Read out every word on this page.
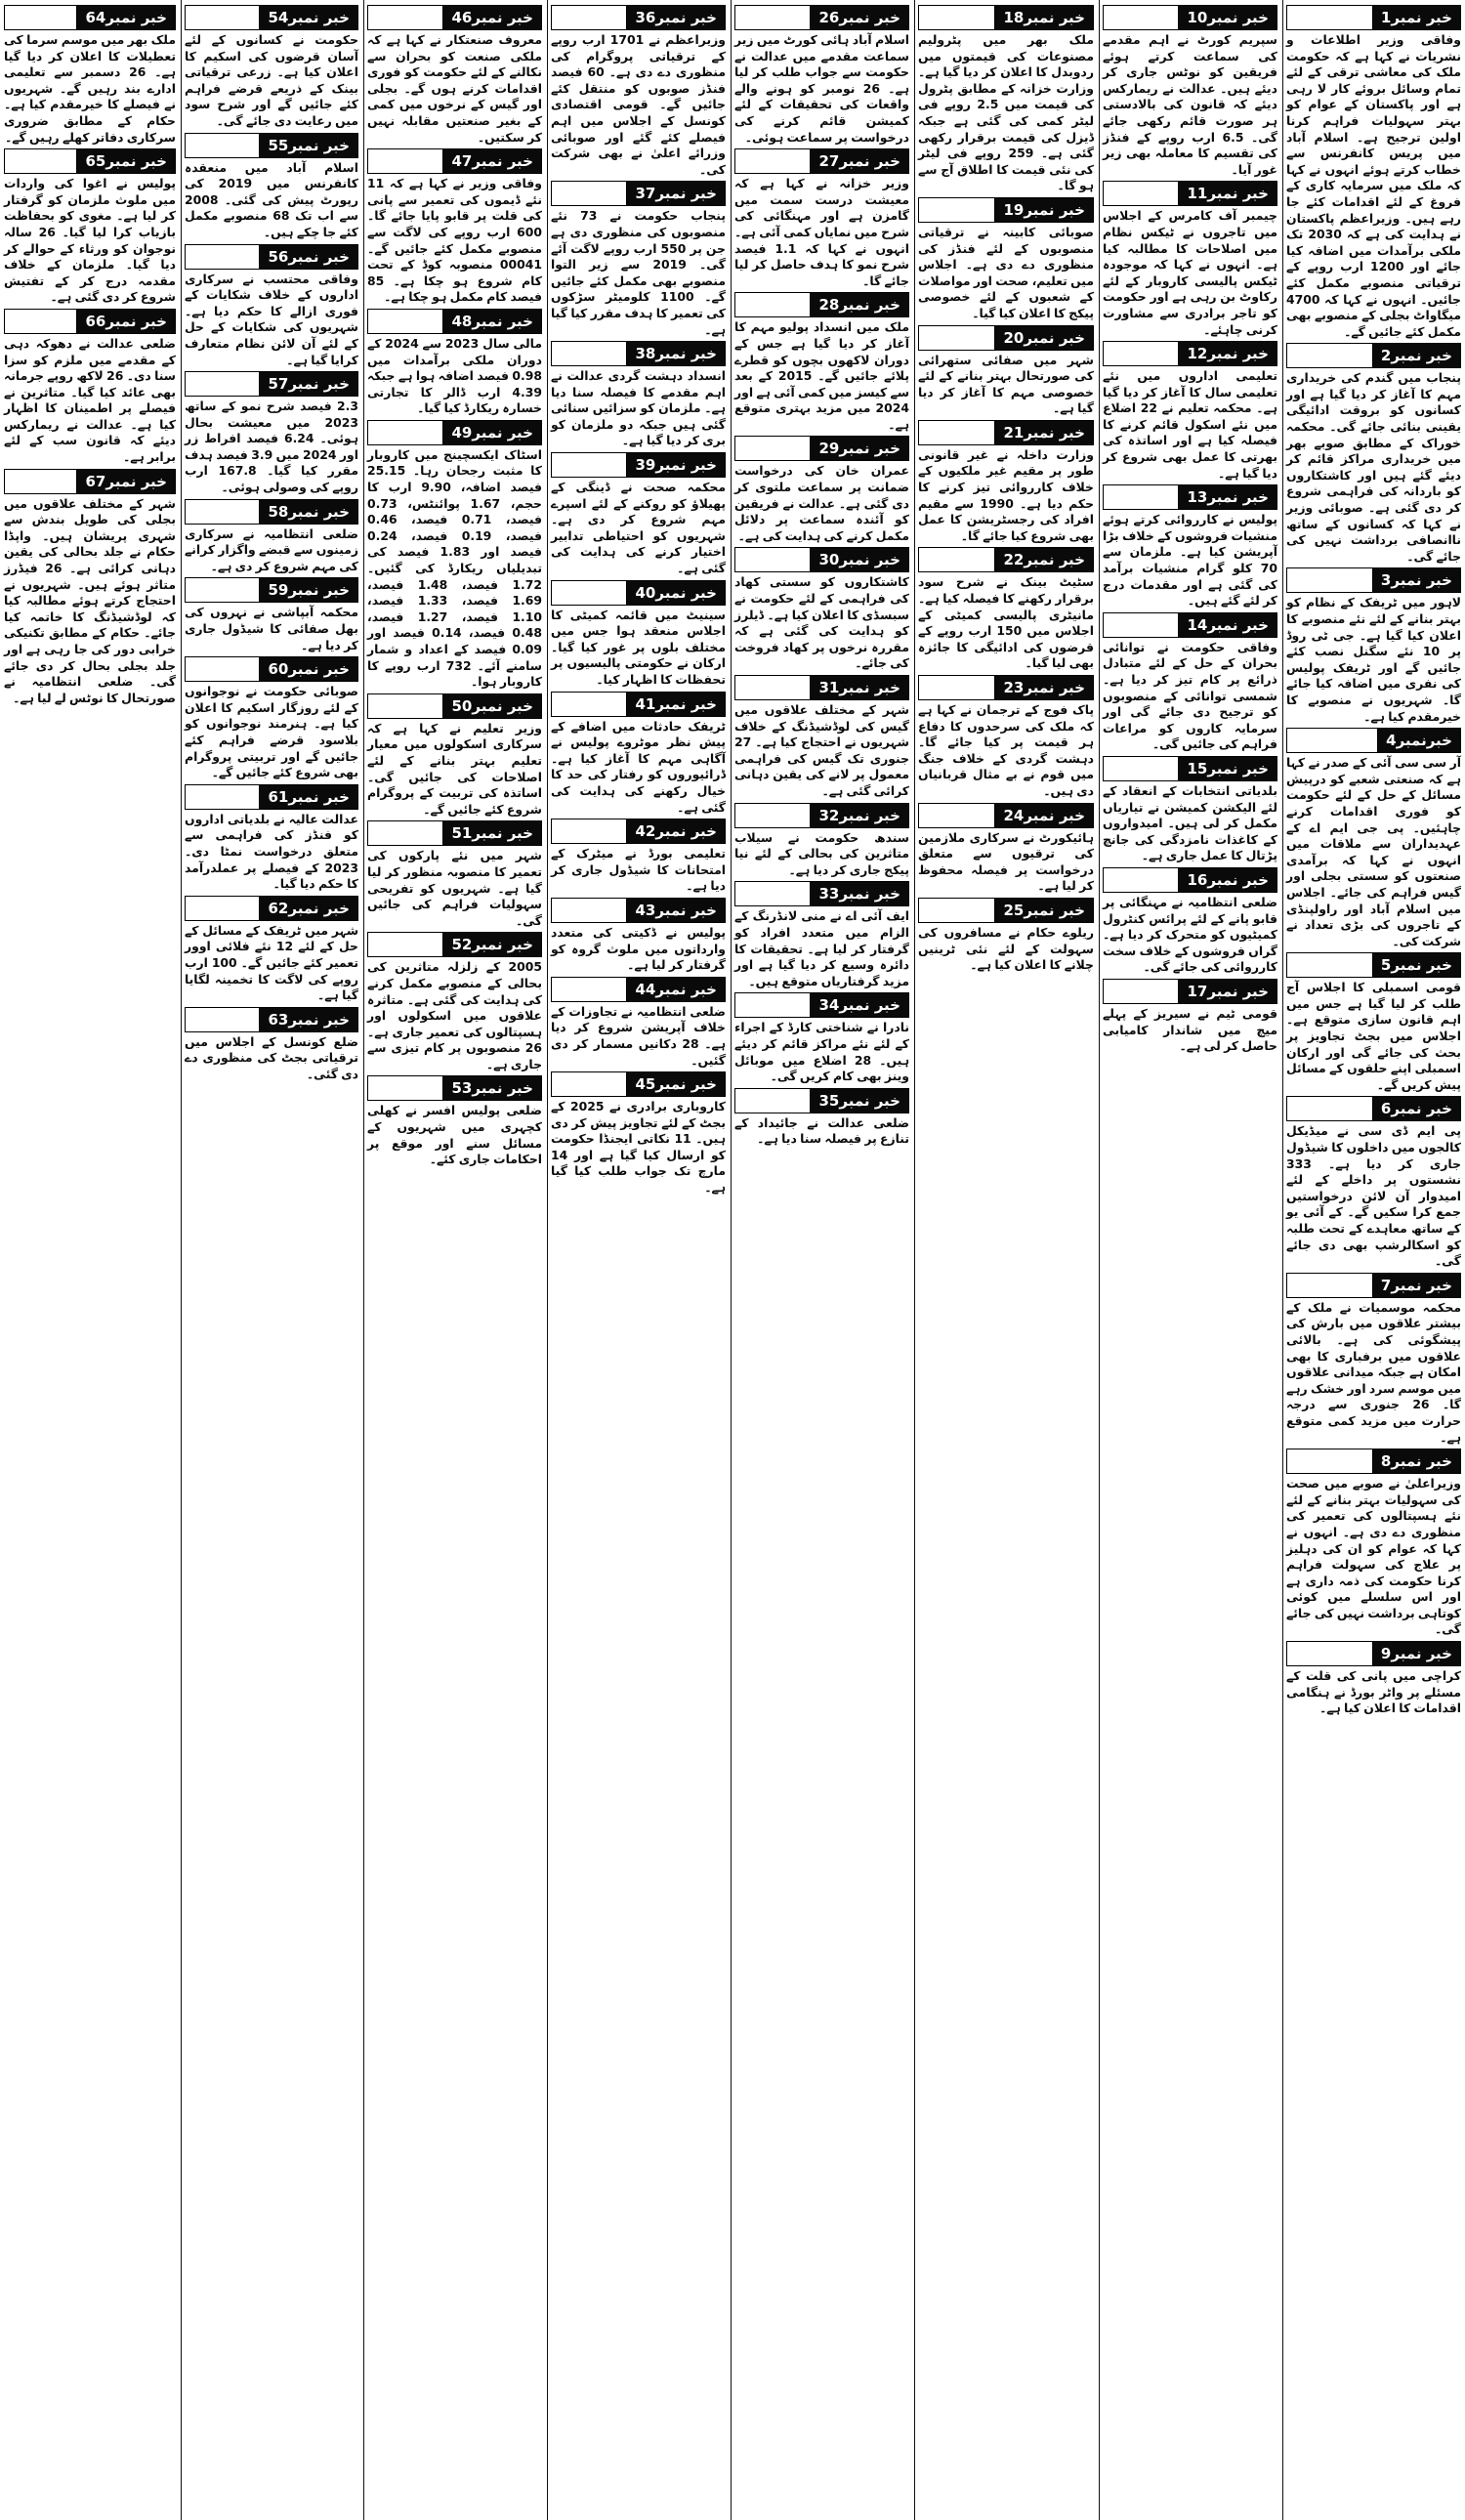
خبر نمبر1
وفاقی وزیر اطلاعات و نشریات نے کہا ہے کہ حکومت ملک کی معاشی ترقی کے لئے تمام وسائل بروئے کار لا رہی ہے اور پاکستان کے عوام کو بہتر سہولیات فراہم کرنا اولین ترجیح ہے۔ اسلام آباد میں پریس کانفرنس سے خطاب کرتے ہوئے انہوں نے کہا کہ ملک میں سرمایہ کاری کے فروغ کے لئے اقدامات کئے جا رہے ہیں۔ وزیراعظم پاکستان نے ہدایت کی ہے کہ 2030 تک ملکی برآمدات میں اضافہ کیا جائے اور 1200 ارب روپے کے ترقیاتی منصوبے مکمل کئے جائیں۔ انہوں نے کہا کہ 4700 میگاواٹ بجلی کے منصوبے بھی مکمل کئے جائیں گے۔
خبر نمبر2
پنجاب میں گندم کی خریداری مہم کا آغاز کر دیا گیا ہے اور کسانوں کو بروقت ادائیگی یقینی بنائی جائے گی۔ محکمہ خوراک کے مطابق صوبے بھر میں خریداری مراکز قائم کر دیئے گئے ہیں اور کاشتکاروں کو باردانہ کی فراہمی شروع کر دی گئی ہے۔ صوبائی وزیر نے کہا کہ کسانوں کے ساتھ ناانصافی برداشت نہیں کی جائے گی۔
خبر نمبر3
لاہور میں ٹریفک کے نظام کو بہتر بنانے کے لئے نئے منصوبے کا اعلان کیا گیا ہے۔ جی ٹی روڈ پر 10 نئے سگنل نصب کئے جائیں گے اور ٹریفک پولیس کی نفری میں اضافہ کیا جائے گا۔ شہریوں نے منصوبے کا خیرمقدم کیا ہے۔
خبرنمبر4
آر سی سی آئی کے صدر نے کہا ہے کہ صنعتی شعبے کو درپیش مسائل کے حل کے لئے حکومت کو فوری اقدامات کرنے چاہئیں۔ پی جی ایم اے کے عہدیداران سے ملاقات میں انہوں نے کہا کہ برآمدی صنعتوں کو سستی بجلی اور گیس فراہم کی جائے۔ اجلاس میں اسلام آباد اور راولپنڈی کے تاجروں کی بڑی تعداد نے شرکت کی۔
خبر نمبر5
قومی اسمبلی کا اجلاس آج طلب کر لیا گیا ہے جس میں اہم قانون سازی متوقع ہے۔ اجلاس میں بجٹ تجاویز پر بحث کی جائے گی اور ارکان اسمبلی اپنے حلقوں کے مسائل پیش کریں گے۔
خبر نمبر6
پی ایم ڈی سی نے میڈیکل کالجوں میں داخلوں کا شیڈول جاری کر دیا ہے۔ 333 نشستوں پر داخلے کے لئے امیدوار آن لائن درخواستیں جمع کرا سکیں گے۔ کے آئی یو کے ساتھ معاہدے کے تحت طلبہ کو اسکالرشپ بھی دی جائے گی۔
خبر نمبر7
محکمہ موسمیات نے ملک کے بیشتر علاقوں میں بارش کی پیشگوئی کی ہے۔ بالائی علاقوں میں برفباری کا بھی امکان ہے جبکہ میدانی علاقوں میں موسم سرد اور خشک رہے گا۔ 26 جنوری سے درجہ حرارت میں مزید کمی متوقع ہے۔
خبر نمبر8
وزیراعلیٰ نے صوبے میں صحت کی سہولیات بہتر بنانے کے لئے نئے ہسپتالوں کی تعمیر کی منظوری دے دی ہے۔ انہوں نے کہا کہ عوام کو ان کی دہلیز پر علاج کی سہولت فراہم کرنا حکومت کی ذمہ داری ہے اور اس سلسلے میں کوئی کوتاہی برداشت نہیں کی جائے گی۔
خبر نمبر9
کراچی میں پانی کی قلت کے مسئلے پر واٹر بورڈ نے ہنگامی اقدامات کا اعلان کیا ہے۔
خبر نمبر10
سپریم کورٹ نے اہم مقدمے کی سماعت کرتے ہوئے فریقین کو نوٹس جاری کر دیئے ہیں۔ عدالت نے ریمارکس دیئے کہ قانون کی بالادستی ہر صورت قائم رکھی جائے گی۔ 6.5 ارب روپے کے فنڈز کی تقسیم کا معاملہ بھی زیر غور آیا۔
خبر نمبر11
چیمبر آف کامرس کے اجلاس میں تاجروں نے ٹیکس نظام میں اصلاحات کا مطالبہ کیا ہے۔ انہوں نے کہا کہ موجودہ ٹیکس پالیسی کاروبار کے لئے رکاوٹ بن رہی ہے اور حکومت کو تاجر برادری سے مشاورت کرنی چاہئے۔
خبر نمبر12
تعلیمی اداروں میں نئے تعلیمی سال کا آغاز کر دیا گیا ہے۔ محکمہ تعلیم نے 22 اضلاع میں نئے اسکول قائم کرنے کا فیصلہ کیا ہے اور اساتذہ کی بھرتی کا عمل بھی شروع کر دیا گیا ہے۔
خبر نمبر13
پولیس نے کارروائی کرتے ہوئے منشیات فروشوں کے خلاف بڑا آپریشن کیا ہے۔ ملزمان سے 70 کلو گرام منشیات برآمد کی گئی ہے اور مقدمات درج کر لئے گئے ہیں۔
خبر نمبر14
وفاقی حکومت نے توانائی بحران کے حل کے لئے متبادل ذرائع پر کام تیز کر دیا ہے۔ شمسی توانائی کے منصوبوں کو ترجیح دی جائے گی اور سرمایہ کاروں کو مراعات فراہم کی جائیں گی۔
خبر نمبر15
بلدیاتی انتخابات کے انعقاد کے لئے الیکشن کمیشن نے تیاریاں مکمل کر لی ہیں۔ امیدواروں کے کاغذات نامزدگی کی جانچ پڑتال کا عمل جاری ہے۔
خبر نمبر16
ضلعی انتظامیہ نے مہنگائی پر قابو پانے کے لئے پرائس کنٹرول کمیٹیوں کو متحرک کر دیا ہے۔ گراں فروشوں کے خلاف سخت کارروائی کی جائے گی۔
خبر نمبر17
قومی ٹیم نے سیریز کے پہلے میچ میں شاندار کامیابی حاصل کر لی ہے۔
خبر نمبر18
ملک بھر میں پٹرولیم مصنوعات کی قیمتوں میں ردوبدل کا اعلان کر دیا گیا ہے۔ وزارت خزانہ کے مطابق پٹرول کی قیمت میں 2.5 روپے فی لیٹر کمی کی گئی ہے جبکہ ڈیزل کی قیمت برقرار رکھی گئی ہے۔ 259 روپے فی لیٹر کی نئی قیمت کا اطلاق آج سے ہو گا۔
خبر نمبر19
صوبائی کابینہ نے ترقیاتی منصوبوں کے لئے فنڈز کی منظوری دے دی ہے۔ اجلاس میں تعلیم، صحت اور مواصلات کے شعبوں کے لئے خصوصی پیکج کا اعلان کیا گیا۔
خبر نمبر20
شہر میں صفائی ستھرائی کی صورتحال بہتر بنانے کے لئے خصوصی مہم کا آغاز کر دیا گیا ہے۔
خبر نمبر21
وزارت داخلہ نے غیر قانونی طور پر مقیم غیر ملکیوں کے خلاف کارروائی تیز کرنے کا حکم دیا ہے۔ 1990 سے مقیم افراد کی رجسٹریشن کا عمل بھی شروع کیا جائے گا۔
خبر نمبر22
سٹیٹ بینک نے شرح سود برقرار رکھنے کا فیصلہ کیا ہے۔ مانیٹری پالیسی کمیٹی کے اجلاس میں 150 ارب روپے کے قرضوں کی ادائیگی کا جائزہ بھی لیا گیا۔
خبر نمبر23
پاک فوج کے ترجمان نے کہا ہے کہ ملک کی سرحدوں کا دفاع ہر قیمت پر کیا جائے گا۔ دہشت گردی کے خلاف جنگ میں قوم نے بے مثال قربانیاں دی ہیں۔
خبر نمبر24
ہائیکورٹ نے سرکاری ملازمین کی ترقیوں سے متعلق درخواست پر فیصلہ محفوظ کر لیا ہے۔
خبر نمبر25
ریلوے حکام نے مسافروں کی سہولت کے لئے نئی ٹرینیں چلانے کا اعلان کیا ہے۔
خبر نمبر26
اسلام آباد ہائی کورٹ میں زیر سماعت مقدمے میں عدالت نے حکومت سے جواب طلب کر لیا ہے۔ 26 نومبر کو ہونے والے واقعات کی تحقیقات کے لئے کمیشن قائم کرنے کی درخواست پر سماعت ہوئی۔
خبر نمبر27
وزیر خزانہ نے کہا ہے کہ معیشت درست سمت میں گامزن ہے اور مہنگائی کی شرح میں نمایاں کمی آئی ہے۔ انہوں نے کہا کہ 1.1 فیصد شرح نمو کا ہدف حاصل کر لیا جائے گا۔
خبر نمبر28
ملک میں انسداد پولیو مہم کا آغاز کر دیا گیا ہے جس کے دوران لاکھوں بچوں کو قطرے پلائے جائیں گے۔ 2015 کے بعد سے کیسز میں کمی آئی ہے اور 2024 میں مزید بہتری متوقع ہے۔
خبر نمبر29
عمران خان کی درخواست ضمانت پر سماعت ملتوی کر دی گئی ہے۔ عدالت نے فریقین کو آئندہ سماعت پر دلائل مکمل کرنے کی ہدایت کی ہے۔
خبر نمبر30
کاشتکاروں کو سستی کھاد کی فراہمی کے لئے حکومت نے سبسڈی کا اعلان کیا ہے۔ ڈیلرز کو ہدایت کی گئی ہے کہ مقررہ نرخوں پر کھاد فروخت کی جائے۔
خبر نمبر31
شہر کے مختلف علاقوں میں گیس کی لوڈشیڈنگ کے خلاف شہریوں نے احتجاج کیا ہے۔ 27 جنوری تک گیس کی فراہمی معمول پر لانے کی یقین دہانی کرائی گئی ہے۔
خبر نمبر32
سندھ حکومت نے سیلاب متاثرین کی بحالی کے لئے نیا پیکج جاری کر دیا ہے۔
خبر نمبر33
ایف آئی اے نے منی لانڈرنگ کے الزام میں متعدد افراد کو گرفتار کر لیا ہے۔ تحقیقات کا دائرہ وسیع کر دیا گیا ہے اور مزید گرفتاریاں متوقع ہیں۔
خبر نمبر34
نادرا نے شناختی کارڈ کے اجراء کے لئے نئے مراکز قائم کر دیئے ہیں۔ 28 اضلاع میں موبائل وینز بھی کام کریں گی۔
خبر نمبر35
ضلعی عدالت نے جائیداد کے تنازع پر فیصلہ سنا دیا ہے۔
خبر نمبر36
وزیراعظم نے 1701 ارب روپے کے ترقیاتی پروگرام کی منظوری دے دی ہے۔ 60 فیصد فنڈز صوبوں کو منتقل کئے جائیں گے۔ قومی اقتصادی کونسل کے اجلاس میں اہم فیصلے کئے گئے اور صوبائی وزرائے اعلیٰ نے بھی شرکت کی۔
خبر نمبر37
پنجاب حکومت نے 73 نئے منصوبوں کی منظوری دی ہے جن پر 550 ارب روپے لاگت آئے گی۔ 2019 سے زیر التوا منصوبے بھی مکمل کئے جائیں گے۔ 1100 کلومیٹر سڑکوں کی تعمیر کا ہدف مقرر کیا گیا ہے۔
خبر نمبر38
انسداد دہشت گردی عدالت نے اہم مقدمے کا فیصلہ سنا دیا ہے۔ ملزمان کو سزائیں سنائی گئی ہیں جبکہ دو ملزمان کو بری کر دیا گیا ہے۔
خبر نمبر39
محکمہ صحت نے ڈینگی کے پھیلاؤ کو روکنے کے لئے اسپرے مہم شروع کر دی ہے۔ شہریوں کو احتیاطی تدابیر اختیار کرنے کی ہدایت کی گئی ہے۔
خبر نمبر40
سینیٹ میں قائمہ کمیٹی کا اجلاس منعقد ہوا جس میں مختلف بلوں پر غور کیا گیا۔ ارکان نے حکومتی پالیسیوں پر تحفظات کا اظہار کیا۔
خبر نمبر41
ٹریفک حادثات میں اضافے کے پیش نظر موٹروے پولیس نے آگاہی مہم کا آغاز کیا ہے۔ ڈرائیوروں کو رفتار کی حد کا خیال رکھنے کی ہدایت کی گئی ہے۔
خبر نمبر42
تعلیمی بورڈ نے میٹرک کے امتحانات کا شیڈول جاری کر دیا ہے۔
خبر نمبر43
پولیس نے ڈکیتی کی متعدد وارداتوں میں ملوث گروہ کو گرفتار کر لیا ہے۔
خبر نمبر44
ضلعی انتظامیہ نے تجاوزات کے خلاف آپریشن شروع کر دیا ہے۔ 28 دکانیں مسمار کر دی گئیں۔
خبر نمبر45
کاروباری برادری نے 2025 کے بجٹ کے لئے تجاویز پیش کر دی ہیں۔ 11 نکاتی ایجنڈا حکومت کو ارسال کیا گیا ہے اور 14 مارچ تک جواب طلب کیا گیا ہے۔
خبر نمبر46
معروف صنعتکار نے کہا ہے کہ ملکی صنعت کو بحران سے نکالنے کے لئے حکومت کو فوری اقدامات کرنے ہوں گے۔ بجلی اور گیس کے نرخوں میں کمی کے بغیر صنعتیں مقابلہ نہیں کر سکتیں۔
خبر نمبر47
وفاقی وزیر نے کہا ہے کہ 11 نئے ڈیموں کی تعمیر سے پانی کی قلت پر قابو پایا جائے گا۔ 600 ارب روپے کی لاگت سے منصوبے مکمل کئے جائیں گے۔ 00041 منصوبہ کوڈ کے تحت کام شروع ہو چکا ہے۔ 85 فیصد کام مکمل ہو چکا ہے۔
خبر نمبر48
مالی سال 2023 سے 2024 کے دوران ملکی برآمدات میں 0.98 فیصد اضافہ ہوا ہے جبکہ 4.39 ارب ڈالر کا تجارتی خسارہ ریکارڈ کیا گیا۔
خبر نمبر49
اسٹاک ایکسچینج میں کاروبار کا مثبت رجحان رہا۔ 25.15 فیصد اضافہ، 9.90 ارب کا حجم، 1.67 پوائنٹس، 0.73 فیصد، 0.71 فیصد، 0.46 فیصد، 0.19 فیصد، 0.24 فیصد اور 1.83 فیصد کی تبدیلیاں ریکارڈ کی گئیں۔ 1.72 فیصد، 1.48 فیصد، 1.69 فیصد، 1.33 فیصد، 1.10 فیصد، 1.27 فیصد، 0.48 فیصد، 0.14 فیصد اور 0.09 فیصد کے اعداد و شمار سامنے آئے۔ 732 ارب روپے کا کاروبار ہوا۔
خبر نمبر50
وزیر تعلیم نے کہا ہے کہ سرکاری اسکولوں میں معیار تعلیم بہتر بنانے کے لئے اصلاحات کی جائیں گی۔ اساتذہ کی تربیت کے پروگرام شروع کئے جائیں گے۔
خبر نمبر51
شہر میں نئے پارکوں کی تعمیر کا منصوبہ منظور کر لیا گیا ہے۔ شہریوں کو تفریحی سہولیات فراہم کی جائیں گی۔
خبر نمبر52
2005 کے زلزلہ متاثرین کی بحالی کے منصوبے مکمل کرنے کی ہدایت کی گئی ہے۔ متاثرہ علاقوں میں اسکولوں اور ہسپتالوں کی تعمیر جاری ہے۔ 26 منصوبوں پر کام تیزی سے جاری ہے۔
خبر نمبر53
ضلعی پولیس افسر نے کھلی کچہری میں شہریوں کے مسائل سنے اور موقع پر احکامات جاری کئے۔
خبر نمبر54
حکومت نے کسانوں کے لئے آسان قرضوں کی اسکیم کا اعلان کیا ہے۔ زرعی ترقیاتی بینک کے ذریعے قرضے فراہم کئے جائیں گے اور شرح سود میں رعایت دی جائے گی۔
خبر نمبر55
اسلام آباد میں منعقدہ کانفرنس میں 2019 کی رپورٹ پیش کی گئی۔ 2008 سے اب تک 68 منصوبے مکمل کئے جا چکے ہیں۔
خبر نمبر56
وفاقی محتسب نے سرکاری اداروں کے خلاف شکایات کے فوری ازالے کا حکم دیا ہے۔ شہریوں کی شکایات کے حل کے لئے آن لائن نظام متعارف کرایا گیا ہے۔
خبر نمبر57
2.3 فیصد شرح نمو کے ساتھ 2023 میں معیشت بحال ہوئی۔ 6.24 فیصد افراط زر اور 2024 میں 3.9 فیصد ہدف مقرر کیا گیا۔ 167.8 ارب روپے کی وصولی ہوئی۔
خبر نمبر58
ضلعی انتظامیہ نے سرکاری زمینوں سے قبضے واگزار کرانے کی مہم شروع کر دی ہے۔
خبر نمبر59
محکمہ آبپاشی نے نہروں کی بھل صفائی کا شیڈول جاری کر دیا ہے۔
خبر نمبر60
صوبائی حکومت نے نوجوانوں کے لئے روزگار اسکیم کا اعلان کیا ہے۔ ہنرمند نوجوانوں کو بلاسود قرضے فراہم کئے جائیں گے اور تربیتی پروگرام بھی شروع کئے جائیں گے۔
خبر نمبر61
عدالت عالیہ نے بلدیاتی اداروں کو فنڈز کی فراہمی سے متعلق درخواست نمٹا دی۔ 2023 کے فیصلے پر عملدرآمد کا حکم دیا گیا۔
خبر نمبر62
شہر میں ٹریفک کے مسائل کے حل کے لئے 12 نئے فلائی اوور تعمیر کئے جائیں گے۔ 100 ارب روپے کی لاگت کا تخمینہ لگایا گیا ہے۔
خبر نمبر63
ضلع کونسل کے اجلاس میں ترقیاتی بجٹ کی منظوری دے دی گئی۔
خبر نمبر64
ملک بھر میں موسم سرما کی تعطیلات کا اعلان کر دیا گیا ہے۔ 26 دسمبر سے تعلیمی ادارے بند رہیں گے۔ شہریوں نے فیصلے کا خیرمقدم کیا ہے۔ حکام کے مطابق ضروری سرکاری دفاتر کھلے رہیں گے۔
خبر نمبر65
پولیس نے اغوا کی واردات میں ملوث ملزمان کو گرفتار کر لیا ہے۔ مغوی کو بحفاظت بازیاب کرا لیا گیا۔ 26 سالہ نوجوان کو ورثاء کے حوالے کر دیا گیا۔ ملزمان کے خلاف مقدمہ درج کر کے تفتیش شروع کر دی گئی ہے۔
خبر نمبر66
ضلعی عدالت نے دھوکہ دہی کے مقدمے میں ملزم کو سزا سنا دی۔ 26 لاکھ روپے جرمانہ بھی عائد کیا گیا۔ متاثرین نے فیصلے پر اطمینان کا اظہار کیا ہے۔ عدالت نے ریمارکس دیئے کہ قانون سب کے لئے برابر ہے۔
خبر نمبر67
شہر کے مختلف علاقوں میں بجلی کی طویل بندش سے شہری پریشان ہیں۔ واپڈا حکام نے جلد بحالی کی یقین دہانی کرائی ہے۔ 26 فیڈرز متاثر ہوئے ہیں۔ شہریوں نے احتجاج کرتے ہوئے مطالبہ کیا کہ لوڈشیڈنگ کا خاتمہ کیا جائے۔ حکام کے مطابق تکنیکی خرابی دور کی جا رہی ہے اور جلد بجلی بحال کر دی جائے گی۔ ضلعی انتظامیہ نے صورتحال کا نوٹس لے لیا ہے۔
